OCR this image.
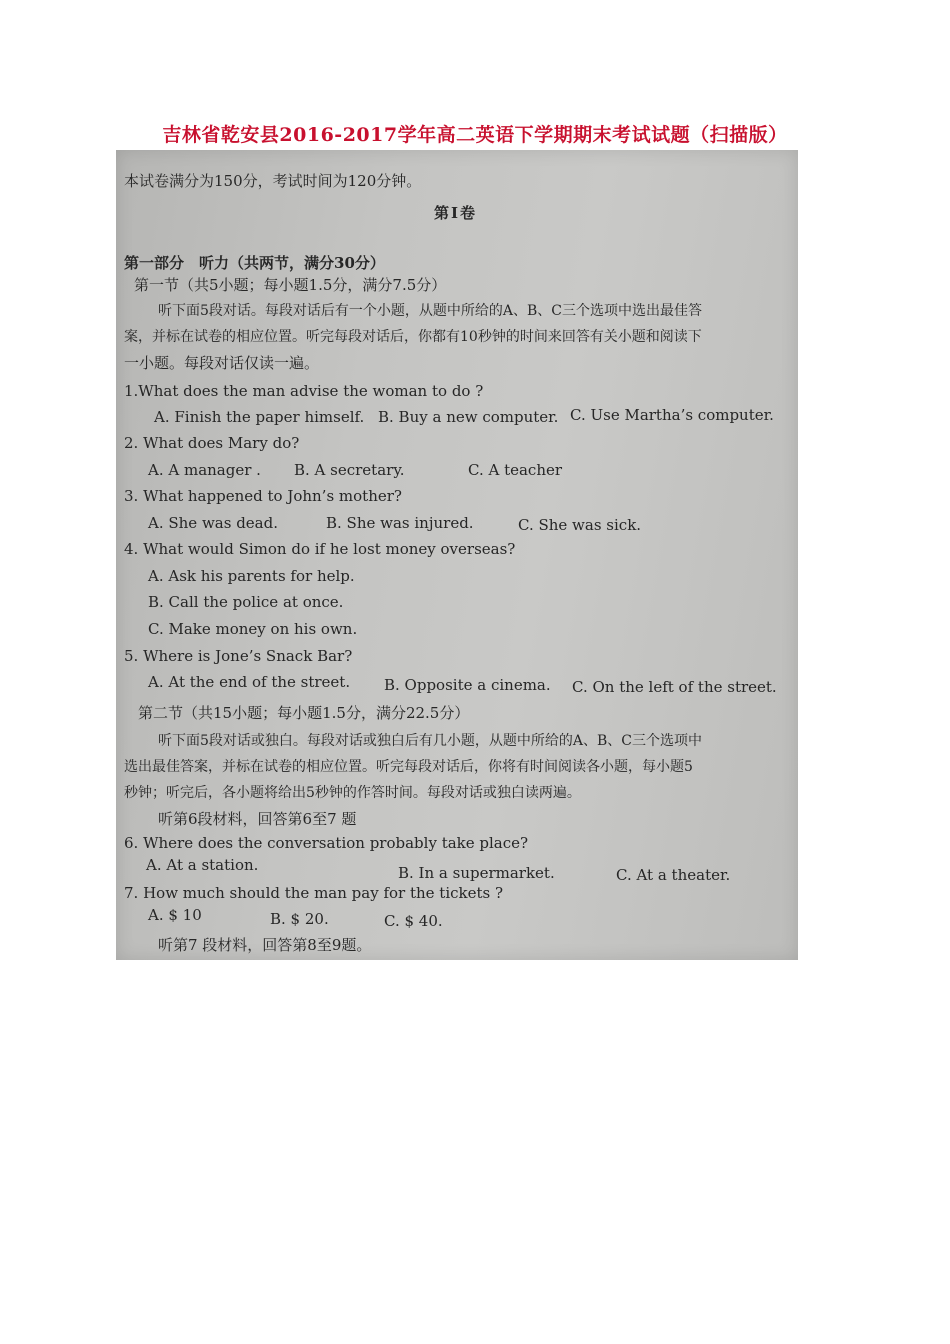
吉林省乾安县2016-2017学年高二英语下学期期末考试试题（扫描版）
本试卷满分为150分，考试时间为120分钟。
第Ⅰ卷
第一部分　听力（共两节，满分30分）
第一节（共5小题；每小题1.5分，满分7.5分）
听下面5段对话。每段对话后有一个小题，从题中所给的A、B、C三个选项中选出最佳答
案，并标在试卷的相应位置。听完每段对话后，你都有10秒钟的时间来回答有关小题和阅读下
一小题。每段对话仅读一遍。
1.What does the man advise the woman to do ?
A. Finish the paper himself. B. Buy a new computer. C. Use Martha’s computer.
2. What does Mary do?
A. A manager . B. A secretary.	C. A teacher
3. What happened to John’s mother?
A. She was dead.	B. She was injured.	C. She was sick.
4. What would Simon do if he lost money overseas?
A. Ask his parents for help.
B. Call the police at once.
C. Make money on his own.
5. Where is Jone’s Snack Bar?
A. At the end of the street. B. Opposite a cinema. C. On the left of the street.
第二节（共15小题；每小题1.5分，满分22.5分）
听下面5段对话或独白。每段对话或独白后有几小题，从题中所给的A、B、C三个选项中
选出最佳答案，并标在试卷的相应位置。听完每段对话后，你将有时间阅读各小题，每小题5
秒钟；听完后，各小题将给出5秒钟的作答时间。每段对话或独白读两遍。
听第6段材料，回答第6至7 题
6. Where does the conversation probably take place?
A. At a station.	B. In a supermarket.	C. At a theater.
7. How much should the man pay for the tickets ?
A. $ 10	B. $ 20.	C. $ 40.
听第7 段材料，回答第8至9题。
